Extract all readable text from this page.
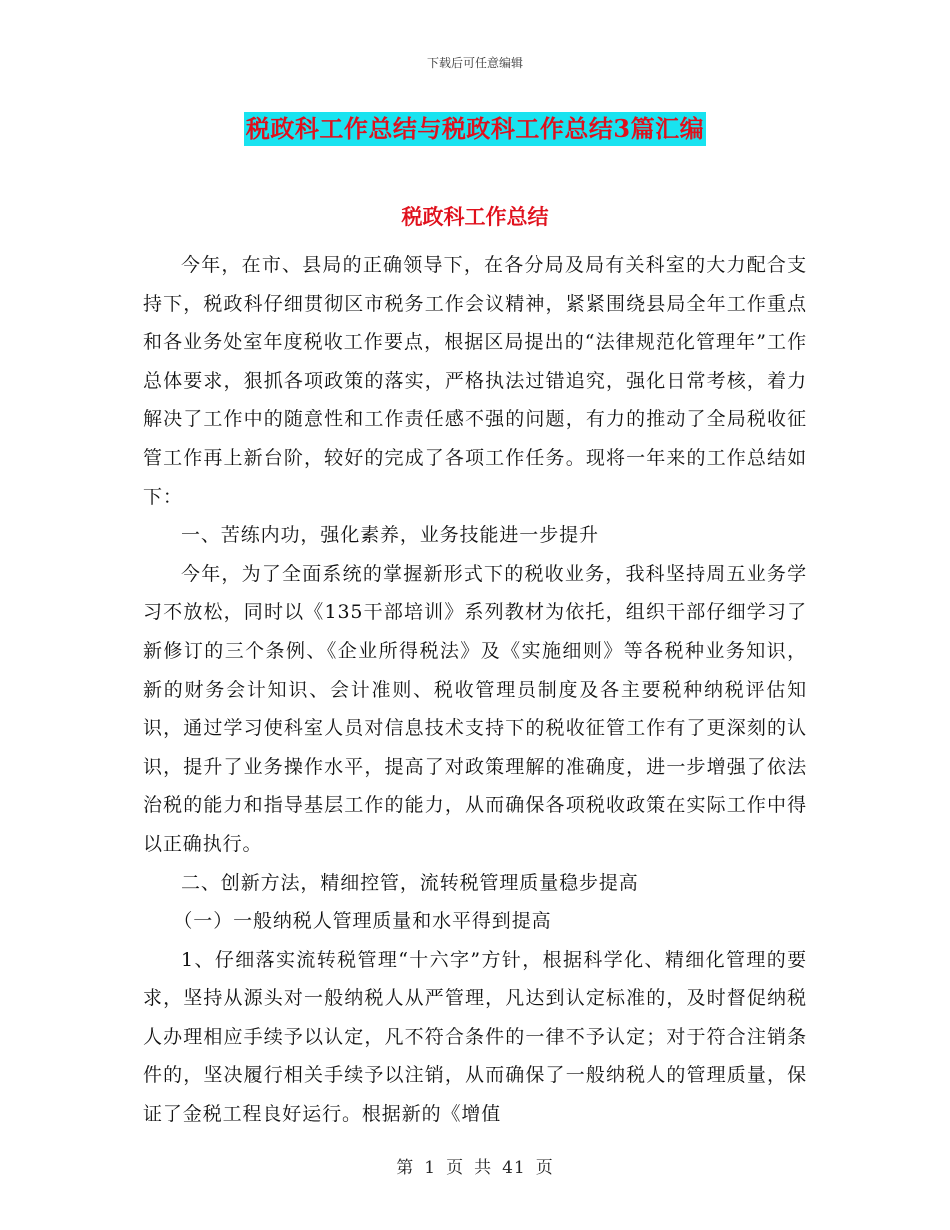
下载后可任意编辑
税政科工作总结与税政科工作总结3篇汇编
税政科工作总结

今年，在市、县局的正确领导下，在各分局及局有关科室的大力配合支持下，税政科仔细贯彻区市税务工作会议精神，紧紧围绕县局全年工作重点和各业务处室年度税收工作要点，根据区局提出的“法律规范化管理年”工作总体要求，狠抓各项政策的落实，严格执法过错追究，强化日常考核，着力解决了工作中的随意性和工作责任感不强的问题，有力的推动了全局税收征管工作再上新台阶，较好的完成了各项工作任务。现将一年来的工作总结如下：

一、苦练内功，强化素养，业务技能进一步提升

今年，为了全面系统的掌握新形式下的税收业务，我科坚持周五业务学习不放松，同时以《135干部培训》系列教材为依托，组织干部仔细学习了新修订的三个条例、《企业所得税法》及《实施细则》等各税种业务知识，新的财务会计知识、会计准则、税收管理员制度及各主要税种纳税评估知识，通过学习使科室人员对信息技术支持下的税收征管工作有了更深刻的认识，提升了业务操作水平，提高了对政策理解的准确度，进一步增强了依法治税的能力和指导基层工作的能力，从而确保各项税收政策在实际工作中得以正确执行。

二、创新方法，精细控管，流转税管理质量稳步提高

（一）一般纳税人管理质量和水平得到提高

1、仔细落实流转税管理“十六字”方针，根据科学化、精细化管理的要求，坚持从源头对一般纳税人从严管理，凡达到认定标准的，及时督促纳税人办理相应手续予以认定，凡不符合条件的一律不予认定；对于符合注销条件的，坚决履行相关手续予以注销，从而确保了一般纳税人的管理质量，保证了金税工程良好运行。根据新的《增值

第 1 页 共 41 页
